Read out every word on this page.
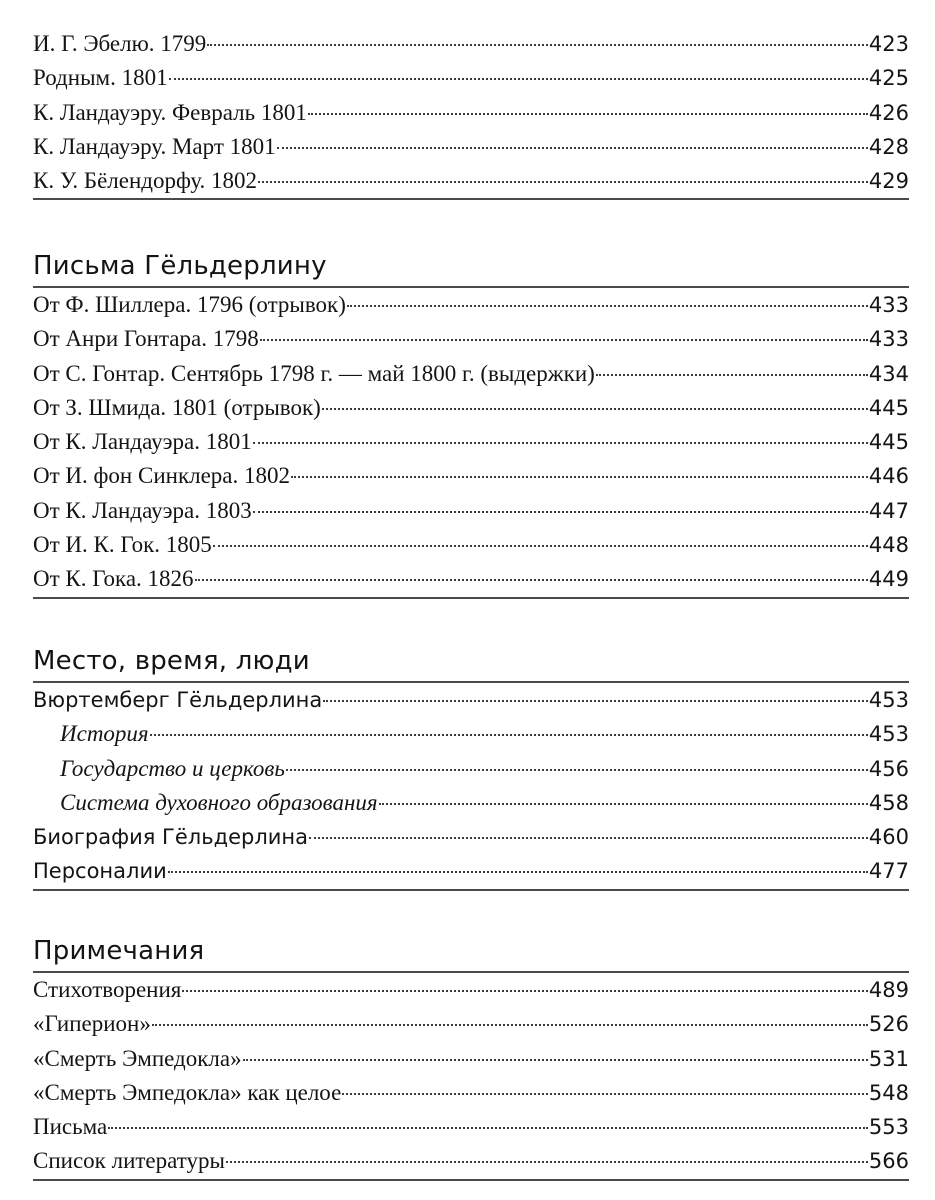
И. Г. Эбелю. 1799	423
Родным. 1801	425
К. Ландауэру. Февраль 1801	426
К. Ландауэру. Март 1801	428
К. У. Бёлендорфу. 1802	429
Письма Гёльдерлину
От Ф. Шиллера. 1796 (отрывок)	433
От Анри Гонтара. 1798	433
От С. Гонтар. Сентябрь 1798 г. — май 1800 г. (выдержки)	434
От З. Шмида. 1801 (отрывок)	445
От К. Ландауэра. 1801	445
От И. фон Синклера. 1802	446
От К. Ландауэра. 1803	447
От И. К. Гок. 1805	448
От К. Гока. 1826	449
Место, время, люди
Вюртемберг Гёльдерлина	453
История	453
Государство и церковь	456
Система духовного образования	458
Биография Гёльдерлина	460
Персоналии	477
Примечания
Стихотворения	489
«Гиперион»	526
«Смерть Эмпедокла»	531
«Смерть Эмпедокла» как целое	548
Письма	553
Список литературы	566
